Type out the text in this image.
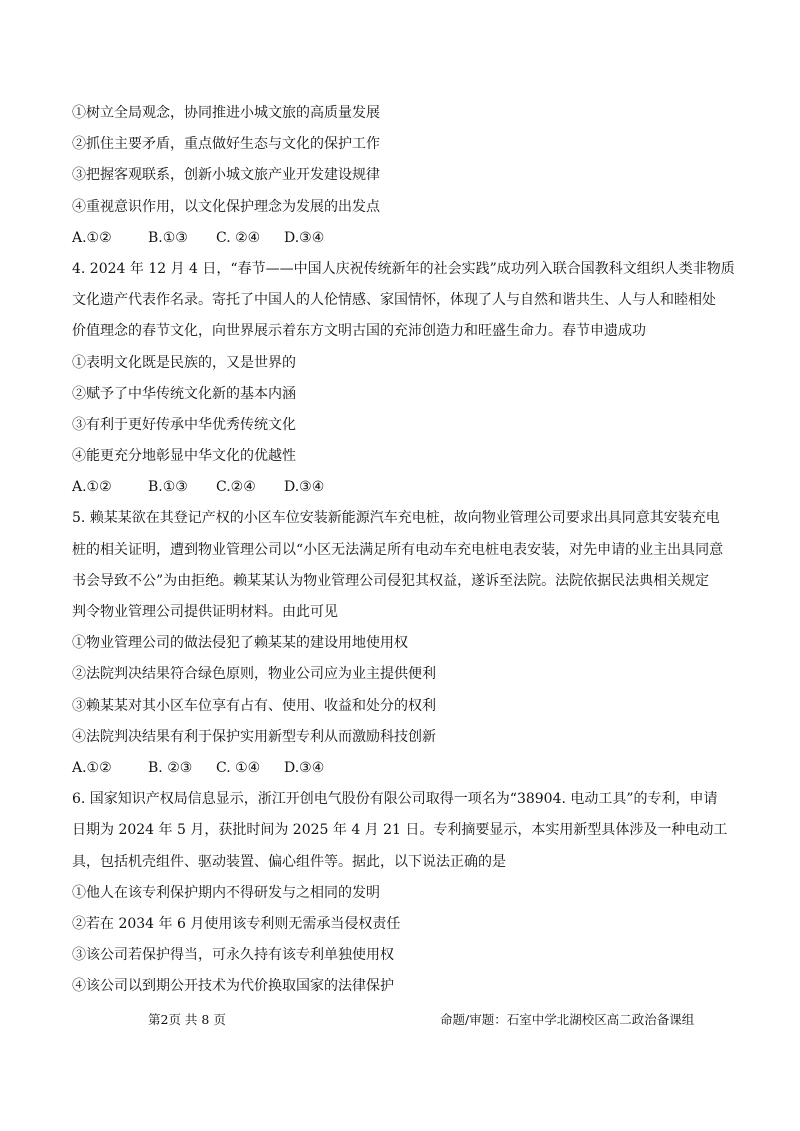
①树立全局观念，协同推进小城文旅的高质量发展
②抓住主要矛盾，重点做好生态与文化的保护工作
③把握客观联系，创新小城文旅产业开发建设规律
④重视意识作用，以文化保护理念为发展的出发点
A.①②	B.①③ C. ②④ D.③④
4. 2024 年 12 月 4 日，“春节——中国人庆祝传统新年的社会实践”成功列入联合国教科文组织人类非物质
文化遗产代表作名录。寄托了中国人的人伦情感、家国情怀，体现了人与自然和谐共生、人与人和睦相处
价值理念的春节文化，向世界展示着东方文明古国的充沛创造力和旺盛生命力。春节申遗成功
①表明文化既是民族的，又是世界的
②赋予了中华传统文化新的基本内涵
③有利于更好传承中华优秀传统文化
④能更充分地彰显中华文化的优越性
A.①②	B.①③ C.②④ D.③④
5. 赖某某欲在其登记产权的小区车位安装新能源汽车充电桩，故向物业管理公司要求出具同意其安装充电
桩的相关证明，遭到物业管理公司以“小区无法满足所有电动车充电桩电表安装，对先申请的业主出具同意
书会导致不公”为由拒绝。赖某某认为物业管理公司侵犯其权益，遂诉至法院。法院依据民法典相关规定
判令物业管理公司提供证明材料。由此可见
①物业管理公司的做法侵犯了赖某某的建设用地使用权
②法院判决结果符合绿色原则，物业公司应为业主提供便利
③赖某某对其小区车位享有占有、使用、收益和处分的权利
④法院判决结果有利于保护实用新型专利从而激励科技创新
A.①②	B. ②③ C. ①④ D.③④
6. 国家知识产权局信息显示，浙江开创电气股份有限公司取得一项名为“38904. 电动工具”的专利，申请
日期为 2024 年 5 月，获批时间为 2025 年 4 月 21 日。专利摘要显示，本实用新型具体涉及一种电动工
具，包括机壳组件、驱动装置、偏心组件等。据此，以下说法正确的是
①他人在该专利保护期内不得研发与之相同的发明
②若在 2034 年 6 月使用该专利则无需承当侵权责任
③该公司若保护得当，可永久持有该专利单独使用权
④该公司以到期公开技术为代价换取国家的法律保护
第2页 共 8 页	命题/审题：石室中学北湖校区高二政治备课组
